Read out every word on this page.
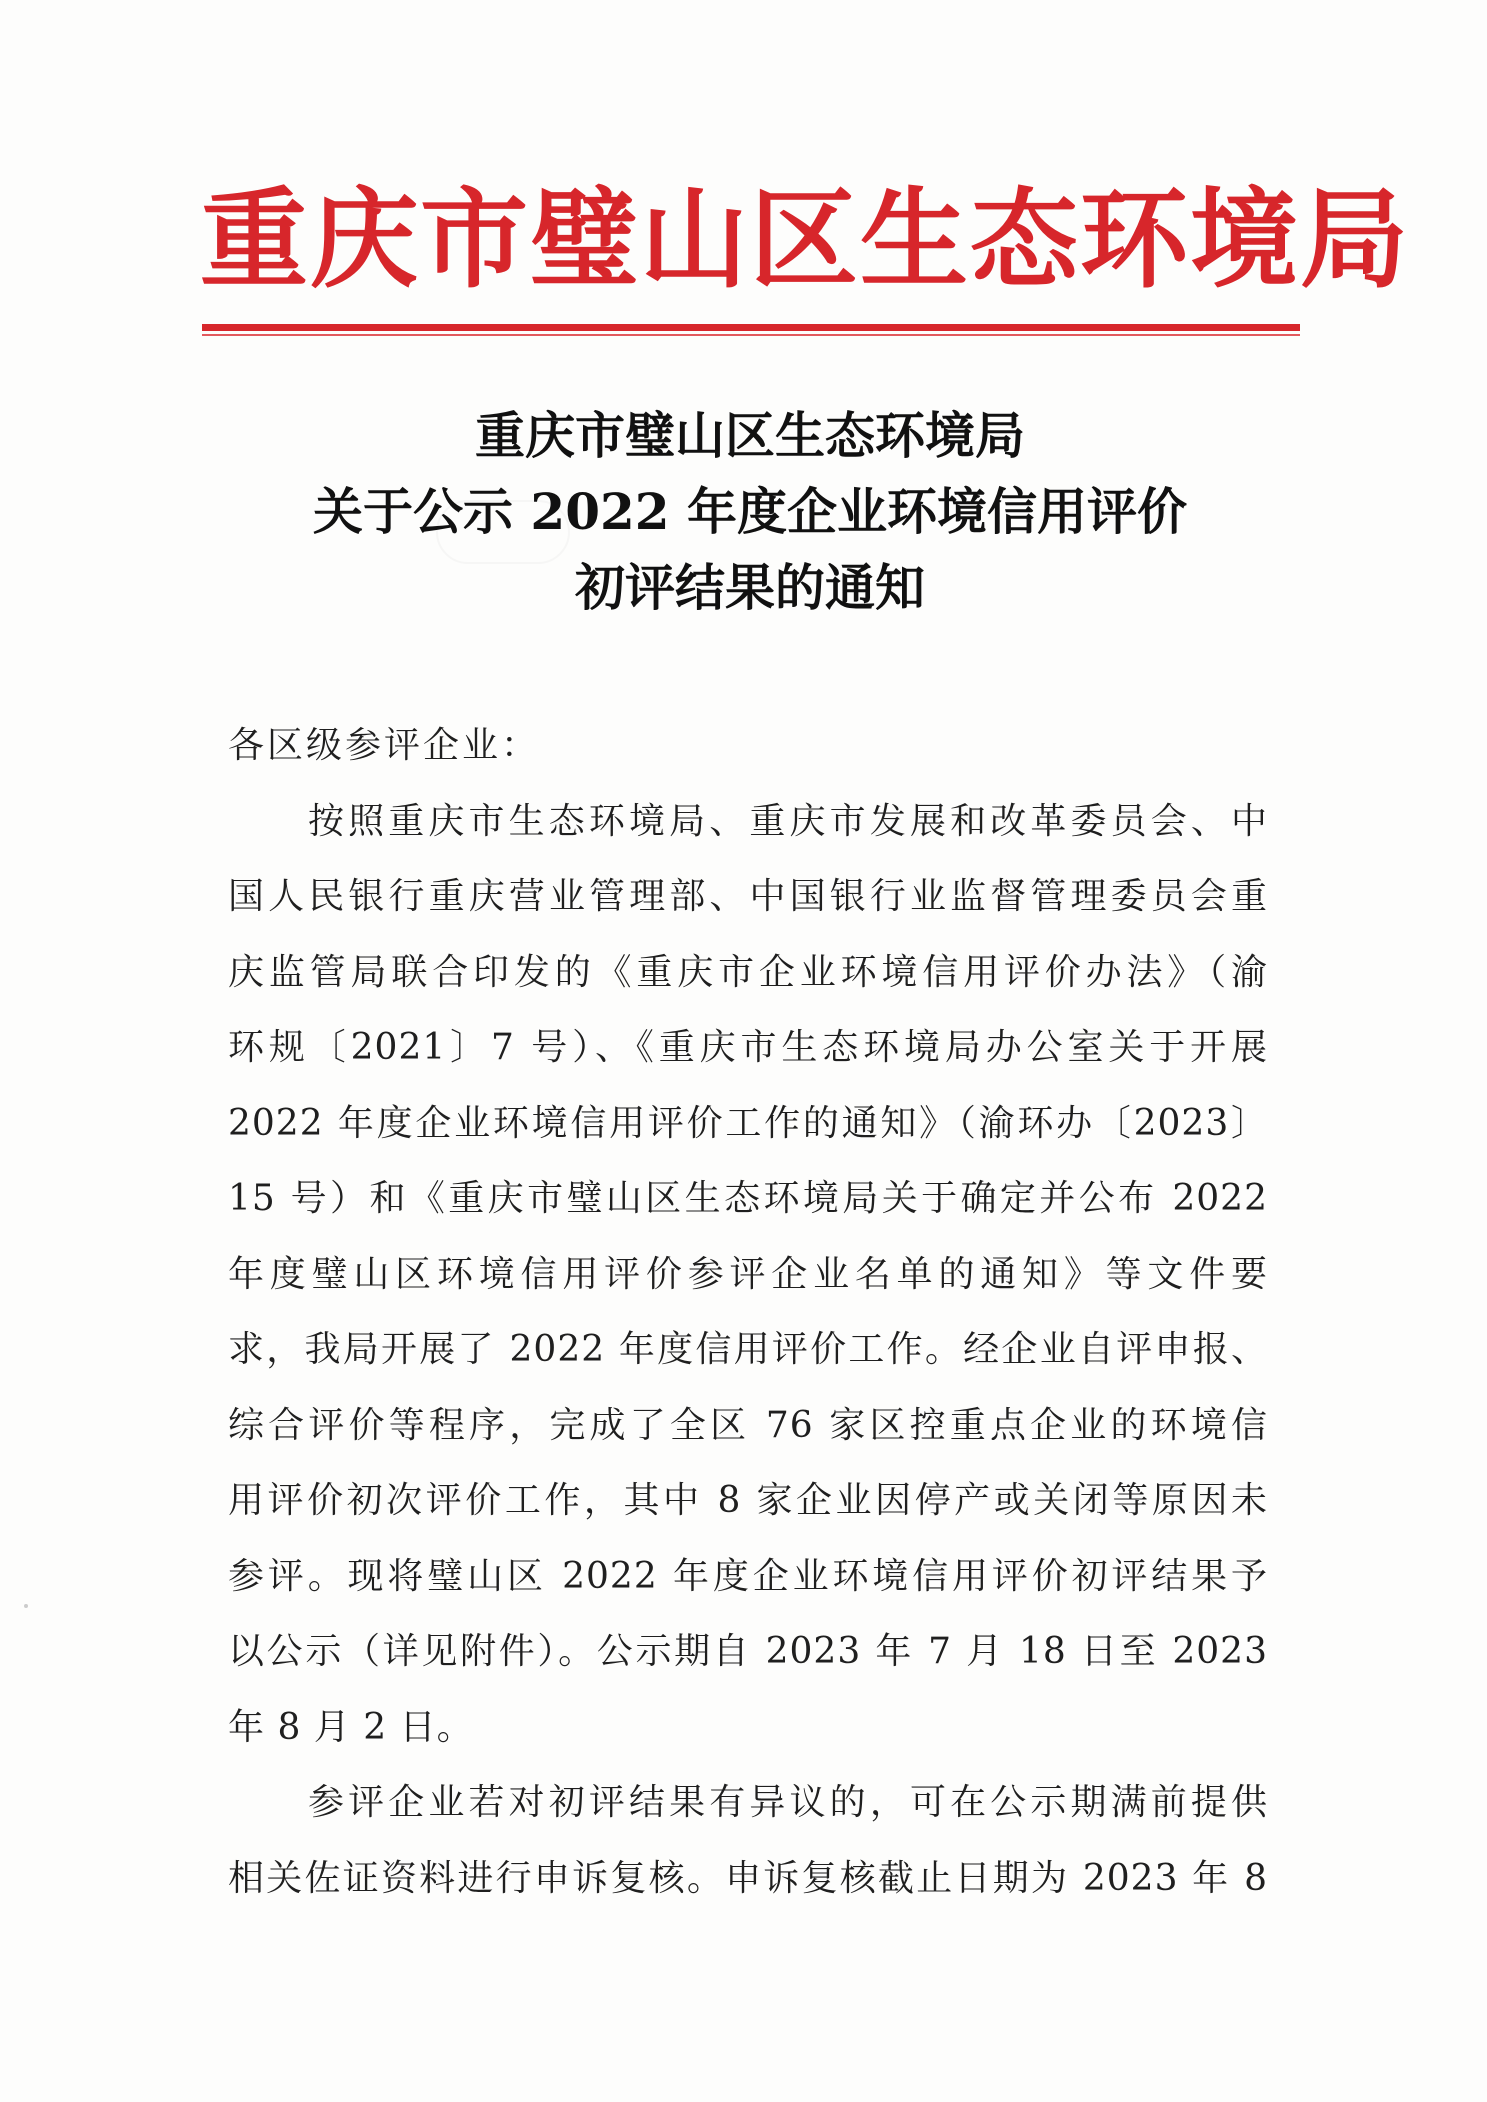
重庆市璧山区生态环境局
重庆市璧山区生态环境局
关于公示 2022 年度企业环境信用评价
初评结果的通知

各区级参评企业：

按照重庆市生态环境局、重庆市发展和改革委员会、中

国人民银行重庆营业管理部、中国银行业监督管理委员会重

庆监管局联合印发的《重庆市企业环境信用评价办法》（渝

环规〔2021〕7 号）、《重庆市生态环境局办公室关于开展

2022 年度企业环境信用评价工作的通知》（渝环办〔2023〕

15 号）和《重庆市璧山区生态环境局关于确定并公布 2022

年度璧山区环境信用评价参评企业名单的通知》等文件要

求，我局开展了 2022 年度信用评价工作。经企业自评申报、

综合评价等程序，完成了全区 76 家区控重点企业的环境信

用评价初次评价工作，其中 8 家企业因停产或关闭等原因未

参评。现将璧山区 2022 年度企业环境信用评价初评结果予

以公示（详见附件）。公示期自 2023 年 7 月 18 日至 2023

年 8 月 2 日。

参评企业若对初评结果有异议的，可在公示期满前提供

相关佐证资料进行申诉复核。申诉复核截止日期为 2023 年 8
